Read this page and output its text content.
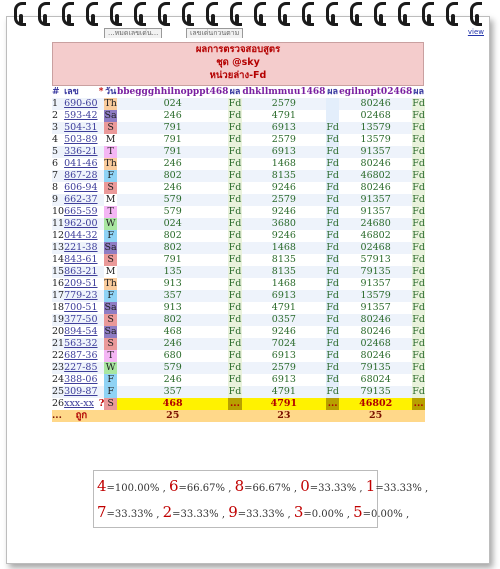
...หมดเลขเด่น...	เลขเด่นกวนตาม	view
ผลการตรวจสอบสูตร
ชุด @sky
หน่วยล่าง-Fd
#	เลข	*	วัน	bbeggghhilnopppt468	ผล	dhkllmmuu1468	ผล	egilnopt02468	ผล
1	690-60		Th	024	Fd	2579		80246	Fd
2	593-42		Sa	246	Fd	4791		02468	Fd
3	504-31		S	791	Fd	6913	Fd	13579	Fd
4	503-89		M	791	Fd	2579	Fd	13579	Fd
5	336-21		T	791	Fd	6913	Fd	91357	Fd
6	041-46		Th	246	Fd	1468	Fd	80246	Fd
7	867-28		F	802	Fd	8135	Fd	46802	Fd
8	606-94		S	246	Fd	9246	Fd	80246	Fd
9	662-37		M	579	Fd	2579	Fd	91357	Fd
10	665-59		T	579	Fd	9246	Fd	91357	Fd
11	962-00		W	024	Fd	3680	Fd	24680	Fd
12	044-32		F	802	Fd	9246	Fd	46802	Fd
13	221-38		Sa	802	Fd	1468	Fd	02468	Fd
14	843-61		S	791	Fd	8135	Fd	57913	Fd
15	863-21		M	135	Fd	8135	Fd	79135	Fd
16	209-51		Th	913	Fd	1468	Fd	91357	Fd
17	779-23		F	357	Fd	6913	Fd	13579	Fd
18	700-51		Sa	913	Fd	4791	Fd	91357	Fd
19	377-50		S	802	Fd	0357	Fd	80246	Fd
20	894-54		Sa	468	Fd	9246	Fd	80246	Fd
21	563-32		S	246	Fd	7024	Fd	02468	Fd
22	687-36		T	680	Fd	6913	Fd	80246	Fd
23	227-85		W	579	Fd	2579	Fd	79135	Fd
24	388-06		F	246	Fd	6913	Fd	68024	Fd
25	309-87		F	357	Fd	4791	Fd	79135	Fd
26	xxx-xx	?	S	468	...	4791	...	46802	...
...	ถูก			25		23		25	
4=100.00% , 6=66.67% , 8=66.67% , 0=33.33% , 1=33.33% ,
7=33.33% , 2=33.33% , 9=33.33% , 3=0.00% , 5=0.00% ,
